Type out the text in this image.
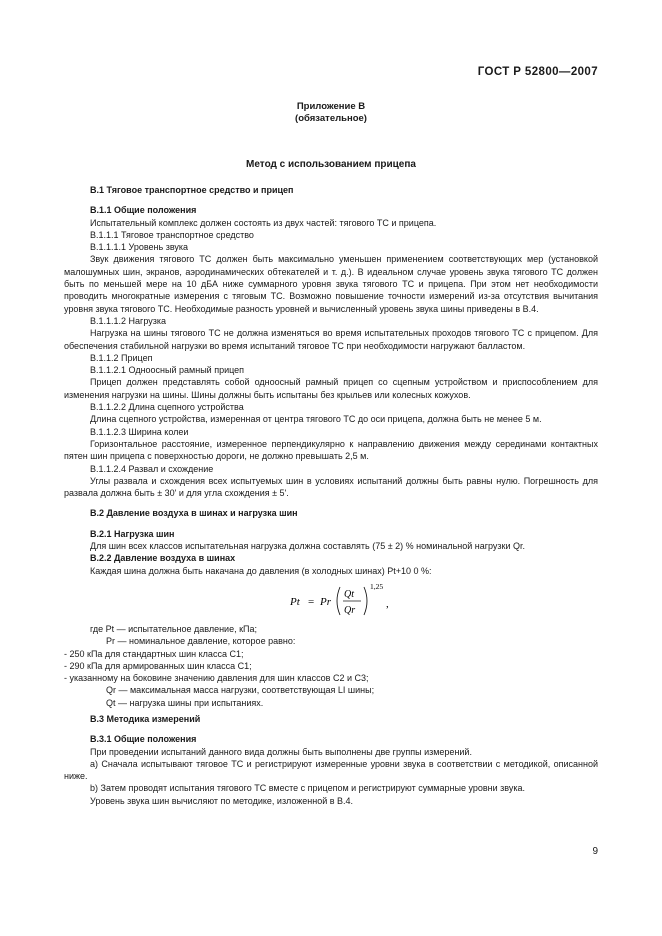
ГОСТ Р 52800—2007
Приложение В
(обязательное)
Метод с использованием прицепа

В.1 Тяговое транспортное средство и прицеп

В.1.1 Общие положения

Испытательный комплекс должен состоять из двух частей: тягового ТС и прицепа.

В.1.1.1 Тяговое транспортное средство

В.1.1.1.1 Уровень звука

Звук движения тягового ТС должен быть максимально уменьшен применением соответствующих мер (установкой малошумных шин, экранов, аэродинамических обтекателей и т. д.). В идеальном случае уровень звука тягового ТС должен быть по меньшей мере на 10 дБА ниже суммарного уровня звука тягового ТС и прицепа. При этом нет необходимости проводить многократные измерения с тяговым ТС. Возможно повышение точности измерений из-за отсутствия вычитания уровня звука тягового ТС. Необходимые разность уровней и вычисленный уровень звука шины приведены в В.4.

В.1.1.1.2 Нагрузка

Нагрузка на шины тягового ТС не должна изменяться во время испытательных проходов тягового ТС с прицепом. Для обеспечения стабильной нагрузки во время испытаний тяговое ТС при необходимости нагружают балластом.

В.1.1.2 Прицеп

В.1.1.2.1 Одноосный рамный прицеп

Прицеп должен представлять собой одноосный рамный прицеп со сцепным устройством и приспособлением для изменения нагрузки на шины. Шины должны быть испытаны без крыльев или колесных кожухов.

В.1.1.2.2 Длина сцепного устройства

Длина сцепного устройства, измеренная от центра тягового ТС до оси прицепа, должна быть не менее 5 м.

В.1.1.2.3 Ширина колеи

Горизонтальное расстояние, измеренное перпендикулярно к направлению движения между серединами контактных пятен шин прицепа с поверхностью дороги, не должно превышать 2,5 м.

В.1.1.2.4 Развал и схождение

Углы развала и схождения всех испытуемых шин в условиях испытаний должны быть равны нулю. Погрешность для развала должна быть ± 30' и для угла схождения ± 5'.

В.2 Давление воздуха в шинах и нагрузка шин

В.2.1 Нагрузка шин

Для шин всех классов испытательная нагрузка должна составлять (75 ± 2) % номинальной нагрузки Qr.

В.2.2 Давление воздуха в шинах

Каждая шина должна быть накачана до давления (в холодных шинах) Pt+10 0 %:

Pt = Pr
Qt
Qr
1,25
,

где Pt — испытательное давление, кПа;

Pr — номинальное давление, которое равно:

- 250 кПа для стандартных шин класса С1;

- 290 кПа для армированных шин класса С1;

- указанному на боковине значению давления для шин классов С2 и С3;

Qr — максимальная масса нагрузки, соответствующая LI шины;

Qt — нагрузка шины при испытаниях.

В.3 Методика измерений

В.3.1 Общие положения

При проведении испытаний данного вида должны быть выполнены две группы измерений.

a) Сначала испытывают тяговое ТС и регистрируют измеренные уровни звука в соответствии с методикой, описанной ниже.

b) Затем проводят испытания тягового ТС вместе с прицепом и регистрируют суммарные уровни звука.

Уровень звука шин вычисляют по методике, изложенной в В.4.

9
